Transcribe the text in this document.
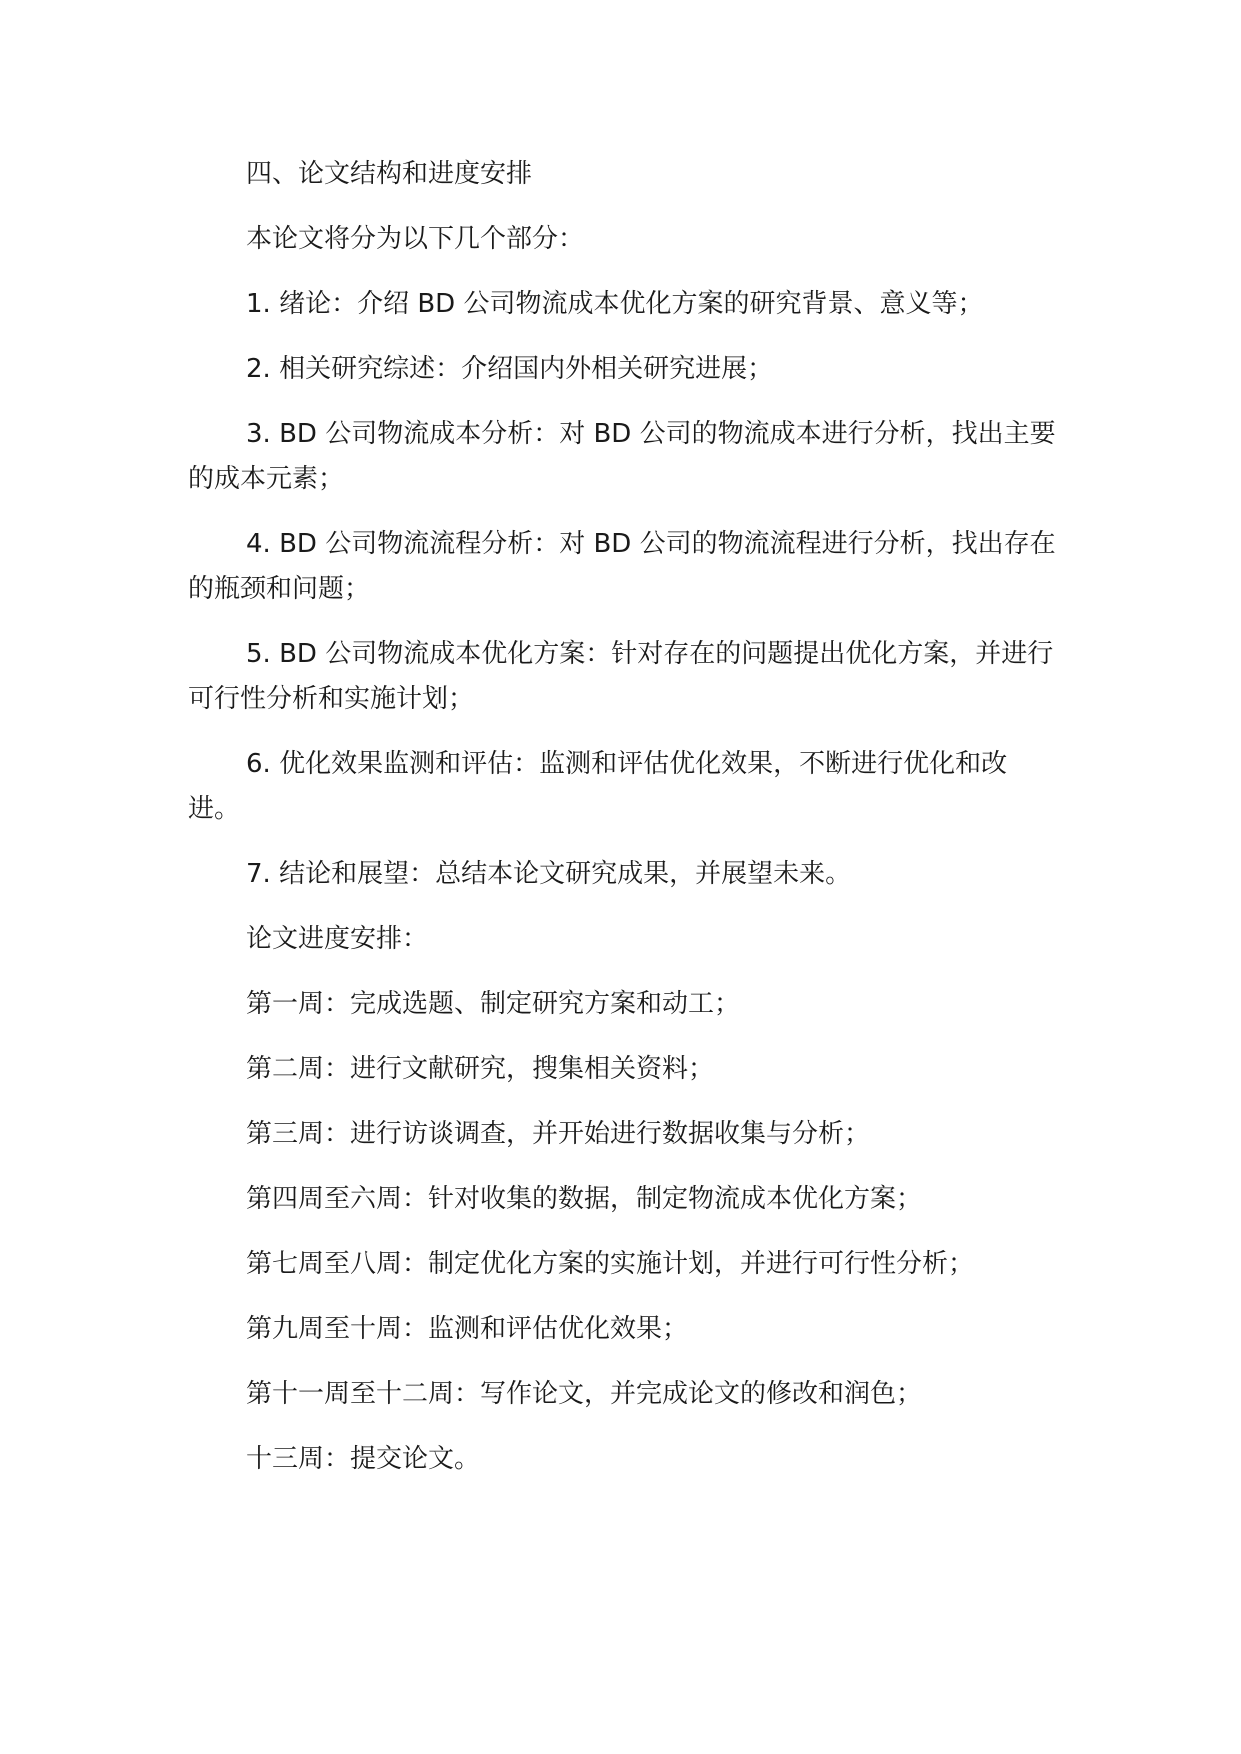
四、论文结构和进度安排

本论文将分为以下几个部分：

1. 绪论：介绍 BD 公司物流成本优化方案的研究背景、意义等；

2. 相关研究综述：介绍国内外相关研究进展；

3. BD 公司物流成本分析：对 BD 公司的物流成本进行分析，找出主要的成本元素；

4. BD 公司物流流程分析：对 BD 公司的物流流程进行分析，找出存在的瓶颈和问题；

5. BD 公司物流成本优化方案：针对存在的问题提出优化方案，并进行可行性分析和实施计划；

6. 优化效果监测和评估：监测和评估优化效果，不断进行优化和改进。

7. 结论和展望：总结本论文研究成果，并展望未来。

论文进度安排：

第一周：完成选题、制定研究方案和动工；

第二周：进行文献研究，搜集相关资料；

第三周：进行访谈调查，并开始进行数据收集与分析；

第四周至六周：针对收集的数据，制定物流成本优化方案；

第七周至八周：制定优化方案的实施计划，并进行可行性分析；

第九周至十周：监测和评估优化效果；

第十一周至十二周：写作论文，并完成论文的修改和润色；

十三周：提交论文。
